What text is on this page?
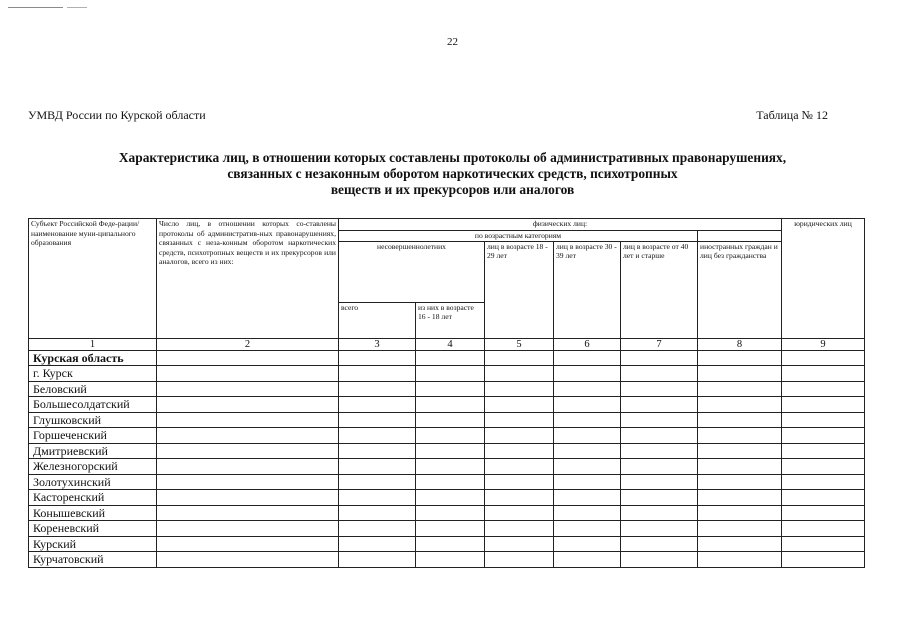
22
УМВД России по Курской области	Таблица № 12
Характеристика лиц, в отношении которых составлены протоколы об административных правонарушениях,
связанных с незаконным оборотом наркотических средств, психотропных
веществ и их прекурсоров или аналогов
Субъект Российской Феде-рации/наименование муни-ципального образования	Число лиц, в отношении которых со-ставлены протоколы об административ-ных правонарушениях, связанных с неза-конным оборотом наркотических средств, психотропных веществ и их прекурсоров или аналогов, всего из них:	физических лиц:						юридических лиц
		по возрастным категориям						
		несовершеннолетних		лиц в возрасте 18 - 29 лет	лиц в возрасте 30 - 39 лет	лиц в возрасте от 40 лет и старше	иностранных граждан и лиц без гражданства	
		всего	из них в возрасте 16 - 18 лет					
1	2	3	4	5	6	7	8	9
Курская область								
г. Курск								
Беловский								
Большесолдатский								
Глушковский								
Горшеченский								
Дмитриевский								
Железногорский								
Золотухинский								
Касторенский								
Конышевский								
Кореневский								
Курский								
Курчатовский								
